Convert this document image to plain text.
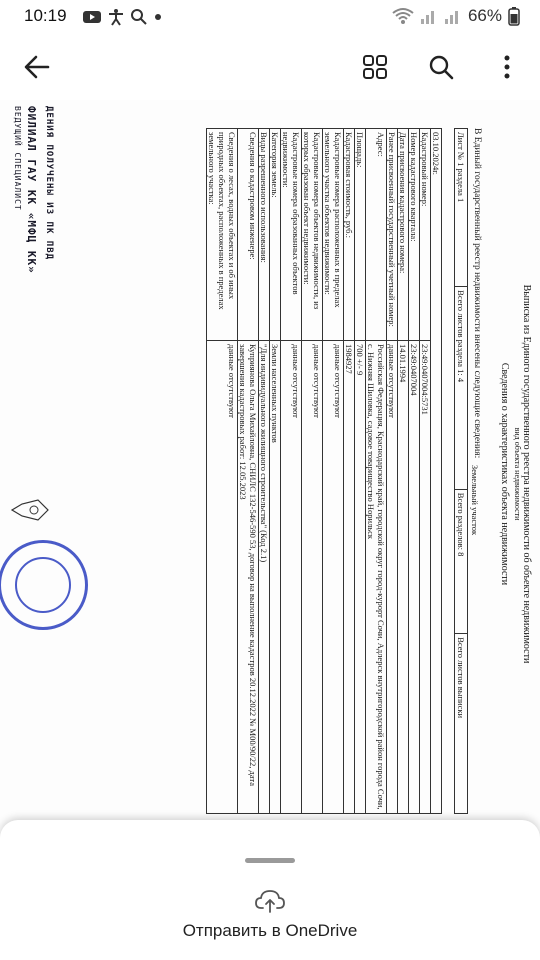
10:19	66%
Выписка из Единого государственного реестра недвижимости об объекте недвижимости
Сведения о характеристиках объекта недвижимости вид объекта недвижимости
В Единый государственный реестр недвижимости внесены следующие сведения:
Лист № 1 раздела 1	Всего листов раздела 1: 4	Всего разделов: 8	Всего листов выписки
Земельный участок
03.10.2024г.	
Кадастровый номер:	23:49:0407004:5731
Номер кадастрового квартала:	23:49:0407004
Дата присвоения кадастрового номера:	14.01.1994
Ранее присвоенный государственный учетный номер:	данные отсутствуют
Адрес:	Российская Федерация, Краснодарский край, городской округ город-курорт Сочи, Адлерск внутригородской район города Сочи, с. Нижняя Шиловка, садовое товарищество Норильск
Площадь:	700 +/- 9
Кадастровая стоимость, руб.:	1984927
Кадастровые номера расположенных в пределах земельного участка объектов недвижимости:	данные отсутствуют
Кадастровые номера объектов недвижимости, из которых образован объект недвижимости:	данные отсутствуют
Кадастровые номера образованных объектов недвижимости:	данные отсутствуют
Категория земель:	Земли населенных пунктов
Виды разрешенного использования:	"Для индивидуального жилищного строительства" (Код 2.1)
Сведения о кадастровом инженере:	Куприянова Ольга Михайловна, СНИЛС 132-546-590 53, договор на выполнение кадастров 20.12.2022 № М00/90/22, дата завершения кадастровых работ: 12.05.2023
Сведения о лесах, водных объектах и об иных природных объектах, расположенных в пределах земельного участка:	данные отсутствуют
ДЕНИЯ ПОЛУЧЕНЫ ИЗ ПК ПВД
ФИЛИАЛ ГАУ КК «МФЦ КК»
ВЕДУЩИЙ СПЕЦИАЛИСТ
Отправить в OneDrive
